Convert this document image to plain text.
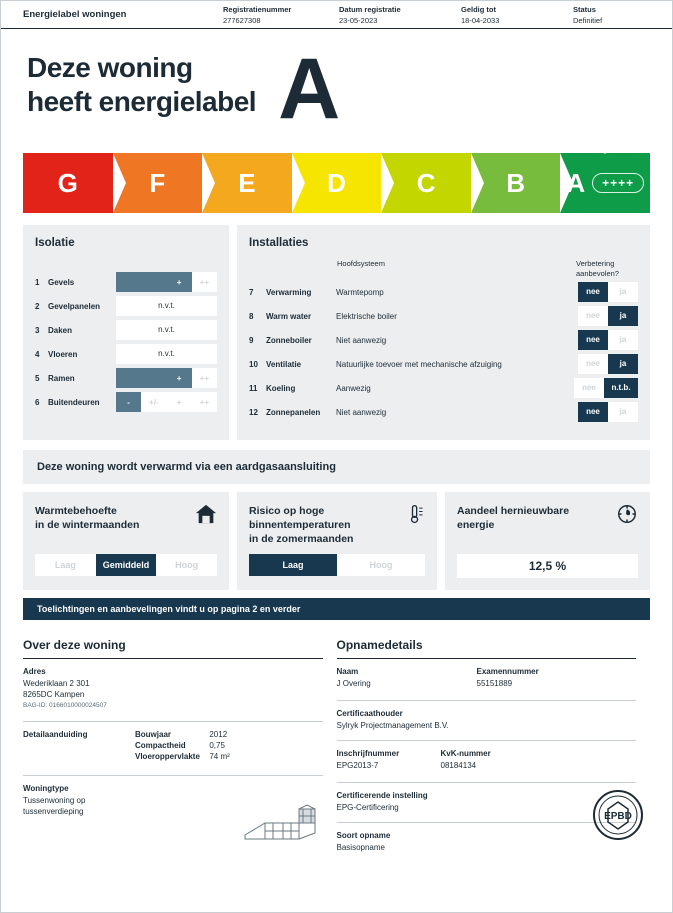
Energielabel woningen	Registratienummer
277627308
Datum registratie
23-05-2023
Geldig tot
18-04-2033
Status
Definitief
Deze woning
heeft energielabel A
G	F	E	D	C	B A	++++
Isolatie
1	Gevels	+	++
2	Gevelpanelen	n.v.t.
3	Daken	n.v.t.
4	Vloeren	n.v.t.
5	Ramen	+	++
6	Buitendeuren	-	+/-	+	++
Installaties
Hoofdsysteem	Verbetering
aanbevolen?
7	Verwarming	Warmtepomp	nee	ja
8	Warm water	Elektrische boiler	nee	ja
9	Zonneboiler	Niet aanwezig	nee	ja
10	Ventilatie	Natuurlijke toevoer met mechanische afzuiging	nee	ja
11	Koeling	Aanwezig	nee	n.t.b.
12	Zonnepanelen	Niet aanwezig	nee	ja
Deze woning wordt verwarmd via een aardgasaansluiting
Warmtebehoefte
in de wintermaanden
Laag	Gemiddeld	Hoog
Risico op hoge
binnentemperaturen
in de zomermaanden
Laag	Hoog
Aandeel hernieuwbare
energie
12,5 %
Toelichtingen en aanbevelingen vindt u op pagina 2 en verder
Over deze woning
Adres
Wederiklaan 2 301
8265DC Kampen
BAG-ID: 0166010000024507
Detailaanduiding	Bouwjaar	2012
Compactheid	0,75
Vloeroppervlakte	74 m²
Woningtype
Tussenwoning op
tussenverdieping
Opnamedetails
Naam
J Overing
Examennummer
55151889
Certificaathouder
Sylryk Projectmanagement B.V.
Inschrijfnummer
EPG2013-7
KvK-nummer
08184134
Certificerende instelling
EPG-Certificering
Soort opname
Basisopname
EPBD
